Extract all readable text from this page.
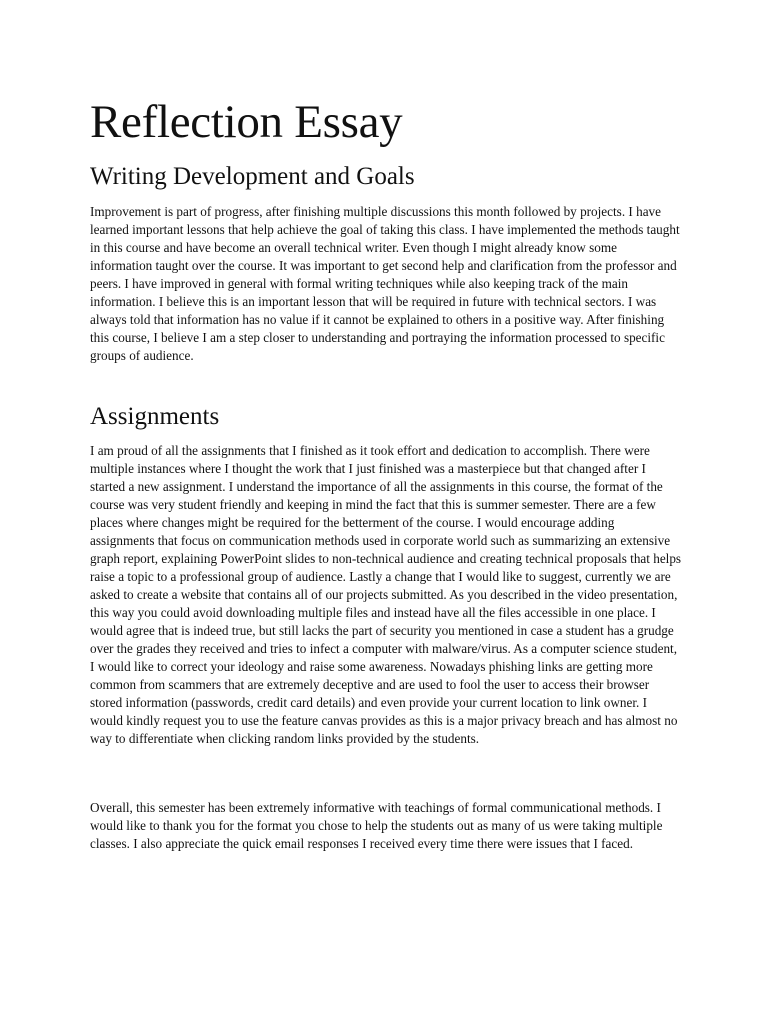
Reflection Essay
Writing Development and Goals

Improvement is part of progress, after finishing multiple discussions this month followed by projects. I have learned important lessons that help achieve the goal of taking this class. I have implemented the methods taught in this course and have become an overall technical writer. Even though I might already know some information taught over the course. It was important to get second help and clarification from the professor and peers. I have improved in general with formal writing techniques while also keeping track of the main information. I believe this is an important lesson that will be required in future with technical sectors. I was always told that information has no value if it cannot be explained to others in a positive way. After finishing this course, I believe I am a step closer to understanding and portraying the information processed to specific groups of audience.

Assignments

I am proud of all the assignments that I finished as it took effort and dedication to accomplish. There were multiple instances where I thought the work that I just finished was a masterpiece but that changed after I started a new assignment. I understand the importance of all the assignments in this course, the format of the course was very student friendly and keeping in mind the fact that this is summer semester. There are a few places where changes might be required for the betterment of the course. I would encourage adding assignments that focus on communication methods used in corporate world such as summarizing an extensive graph report, explaining PowerPoint slides to non-technical audience and creating technical proposals that helps raise a topic to a professional group of audience. Lastly a change that I would like to suggest, currently we are asked to create a website that contains all of our projects submitted. As you described in the video presentation, this way you could avoid downloading multiple files and instead have all the files accessible in one place. I would agree that is indeed true, but still lacks the part of security you mentioned in case a student has a grudge over the grades they received and tries to infect a computer with malware/virus. As a computer science student, I would like to correct your ideology and raise some awareness. Nowadays phishing links are getting more common from scammers that are extremely deceptive and are used to fool the user to access their browser stored information (passwords, credit card details) and even provide your current location to link owner. I would kindly request you to use the feature canvas provides as this is a major privacy breach and has almost no way to differentiate when clicking random links provided by the students.

Overall, this semester has been extremely informative with teachings of formal communicational methods. I would like to thank you for the format you chose to help the students out as many of us were taking multiple classes. I also appreciate the quick email responses I received every time there were issues that I faced.
